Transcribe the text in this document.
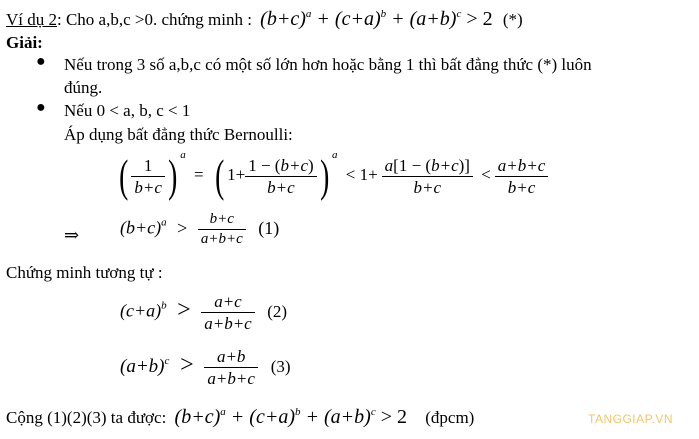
Ví dụ 2: Cho a,b,c >0. chứng minh : $(b+c)^a + (c+a)^b + (a+b)^c > 2$ (*)
Giải:
● Nếu trong 3 số a,b,c có một số lớn hơn hoặc bằng 1 thì bất đẳng thức (*) luôn
đúng.
● Nếu 0 < a, b, c < 1
Áp dụng bất đẳng thức Bernoulli:
( $\frac{1}{b+c}$ ) $^a$ = ( $1+ \frac{1 - (b+c)}{b+c}$ ) $^a < 1+ \frac{a[1 - (b+c)]}{b+c} < \frac{a+b+c}{b+c}$
⇒ $(b+c)^a > \frac{b+c}{a+b+c} (1)$
Chứng minh tương tự :
$(c+a)^b > \frac{a+c}{a+b+c} (2)$
$(a+b)^c > \frac{a+b}{a+b+c} (3)$
Cộng (1)(2)(3) ta được: $(b+c)^a + (c+a)^b + (a+b)^c > 2$ (đpcm)	TANGGIAP.VN
